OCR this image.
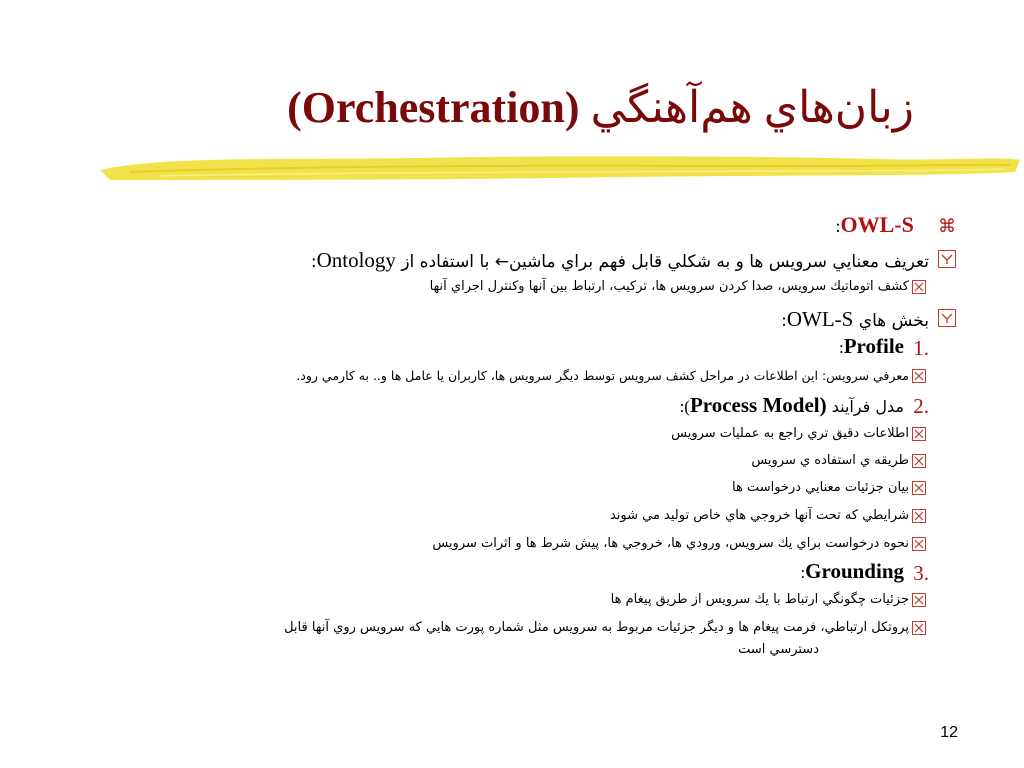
زبان‌هاي هم‌آهنگي (Orchestration)
⌘  OWL-S:
تعريف معنايي سرويس ها و به شكلي قابل فهم براي ماشين← با استفاده از Ontology:
كشف اتوماتيك سرويس، صدا كردن سرويس ها، تركيب، ارتباط بين آنها وكنترل اجراي آنها
بخش هاي OWL-S:
Profile:	1.
معرفي سرويس: اين اطلاعات در مراحل كشف سرويس توسط ديگر سرويس ها، كاربران يا عامل ها و.. به كارمي رود.
مدل فرآيند (Process Model):	2.
اطلاعات دقيق تري راجع به عمليات سرويس
طريقه ي استفاده ي سرويس
بيان جزئيات معنايي درخواست ها
شرايطي كه تحت آنها خروجي هاي خاص توليد مي شوند
نحوه درخواست براي يك سرويس، ورودي ها، خروجي ها، پيش شرط ها و اثرات سرويس
Grounding:	3.
جزئيات چگونگي ارتباط با يك سرويس از طريق پيغام ها
پروتكل ارتباطي، فرمت پيغام ها و ديگر جزئيات مربوط به سرويس مثل شماره پورت هايي كه سرويس روي آنها قابل
دسترسي است
12
